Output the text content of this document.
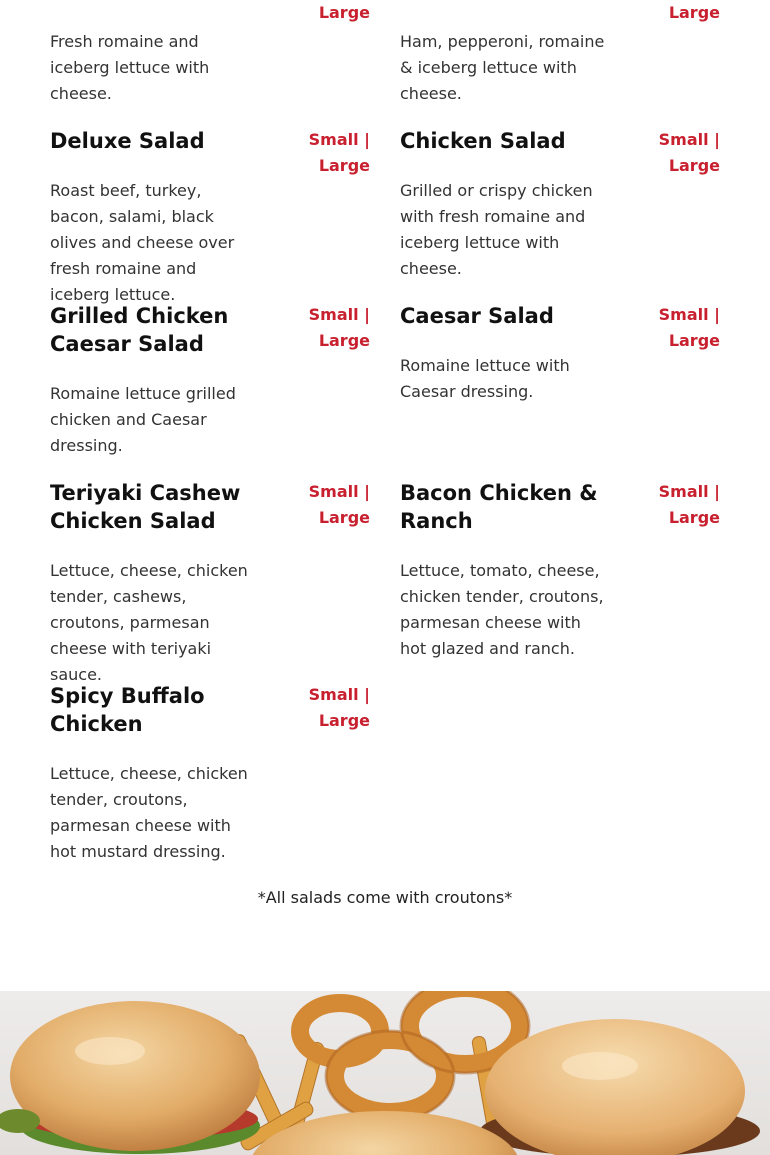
Large
Fresh romaine and iceberg lettuce with cheese.
Large
Ham, pepperoni, romaine & iceberg lettuce with cheese.
Deluxe Salad	Small | Large
Roast beef, turkey, bacon, salami, black olives and cheese over fresh romaine and iceberg lettuce.
Chicken Salad	Small | Large
Grilled or crispy chicken with fresh romaine and iceberg lettuce with cheese.
Grilled Chicken Caesar Salad
Small | Large
Romaine lettuce grilled chicken and Caesar dressing.
Caesar Salad	Small | Large
Romaine lettuce with Caesar dressing.
Teriyaki Cashew Chicken Salad
Small | Large
Lettuce, cheese, chicken tender, cashews, croutons, parmesan cheese with teriyaki sauce.
Bacon Chicken & Ranch
Small | Large
Lettuce, tomato, cheese, chicken tender, croutons, parmesan cheese with hot glazed and ranch.
Spicy Buffalo Chicken
Small | Large
Lettuce, cheese, chicken tender, croutons, parmesan cheese with hot mustard dressing.
*All salads come with croutons*
